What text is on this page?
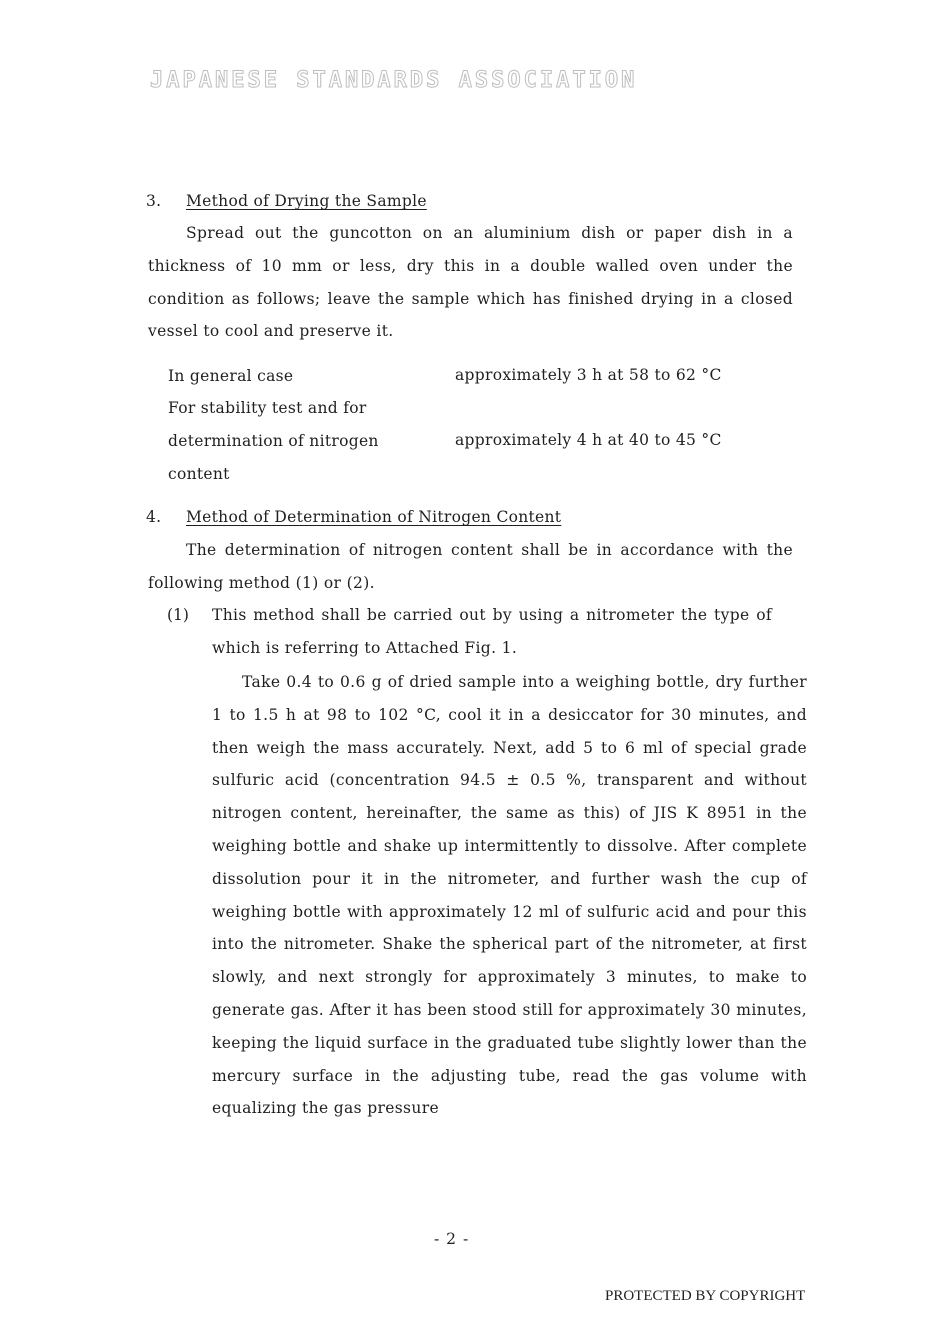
JAPANESE STANDARDS ASSOCIATION
3. Method of Drying the Sample
Spread out the guncotton on an aluminium dish or paper dish in a thickness of 10 mm or less, dry this in a double walled oven under the condition as follows; leave the sample which has finished drying in a closed vessel to cool and preserve it.
In general case	approximately 3 h at 58 to 62 °C
For stability test and for determination of nitrogen content
approximately 4 h at 40 to 45 °C
4. Method of Determination of Nitrogen Content
The determination of nitrogen content shall be in accordance with the following method (1) or (2).
(1) This method shall be carried out by using a nitrometer the type of which is referring to Attached Fig. 1.
Take 0.4 to 0.6 g of dried sample into a weighing bottle, dry further 1 to 1.5 h at 98 to 102 °C, cool it in a desiccator for 30 minutes, and then weigh the mass accurately. Next, add 5 to 6 ml of special grade sulfuric acid (concentration 94.5 ± 0.5 %, transparent and without nitrogen content, hereinafter, the same as this) of JIS K 8951 in the weighing bottle and shake up intermittently to dissolve. After complete dissolution pour it in the nitrometer, and further wash the cup of weighing bottle with approximately 12 ml of sulfuric acid and pour this into the nitrometer. Shake the spherical part of the nitrometer, at first slowly, and next strongly for approximately 3 minutes, to make to generate gas. After it has been stood still for approximately 30 minutes, keeping the liquid surface in the graduated tube slightly lower than the mercury surface in the adjusting tube, read the gas volume with equalizing the gas pressure
- 2 -
PROTECTED BY COPYRIGHT
